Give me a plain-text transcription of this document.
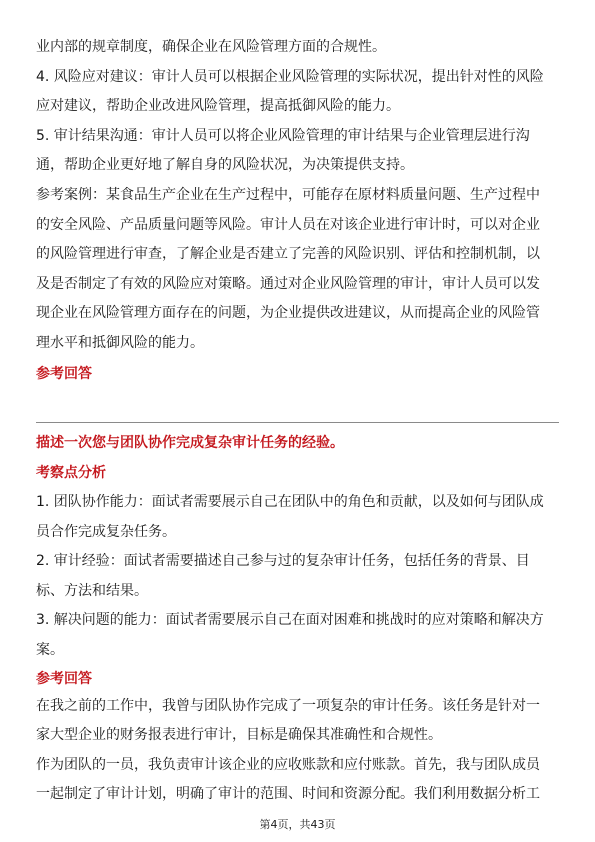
业内部的规章制度，确保企业在风险管理方面的合规性。
4. 风险应对建议：审计人员可以根据企业风险管理的实际状况，提出针对性的风险
应对建议，帮助企业改进风险管理，提高抵御风险的能力。
5. 审计结果沟通：审计人员可以将企业风险管理的审计结果与企业管理层进行沟
通，帮助企业更好地了解自身的风险状况，为决策提供支持。
参考案例：某食品生产企业在生产过程中，可能存在原材料质量问题、生产过程中
的安全风险、产品质量问题等风险。审计人员在对该企业进行审计时，可以对企业
的风险管理进行审查，了解企业是否建立了完善的风险识别、评估和控制机制，以
及是否制定了有效的风险应对策略。通过对企业风险管理的审计，审计人员可以发
现企业在风险管理方面存在的问题，为企业提供改进建议，从而提高企业的风险管
理水平和抵御风险的能力。
参考回答
描述一次您与团队协作完成复杂审计任务的经验。
考察点分析
1. 团队协作能力：面试者需要展示自己在团队中的角色和贡献，以及如何与团队成
员合作完成复杂任务。
2. 审计经验：面试者需要描述自己参与过的复杂审计任务，包括任务的背景、目
标、方法和结果。
3. 解决问题的能力：面试者需要展示自己在面对困难和挑战时的应对策略和解决方
案。
参考回答
在我之前的工作中，我曾与团队协作完成了一项复杂的审计任务。该任务是针对一
家大型企业的财务报表进行审计，目标是确保其准确性和合规性。
作为团队的一员，我负责审计该企业的应收账款和应付账款。首先，我与团队成员
一起制定了审计计划，明确了审计的范围、时间和资源分配。我们利用数据分析工
第4页，共43页
